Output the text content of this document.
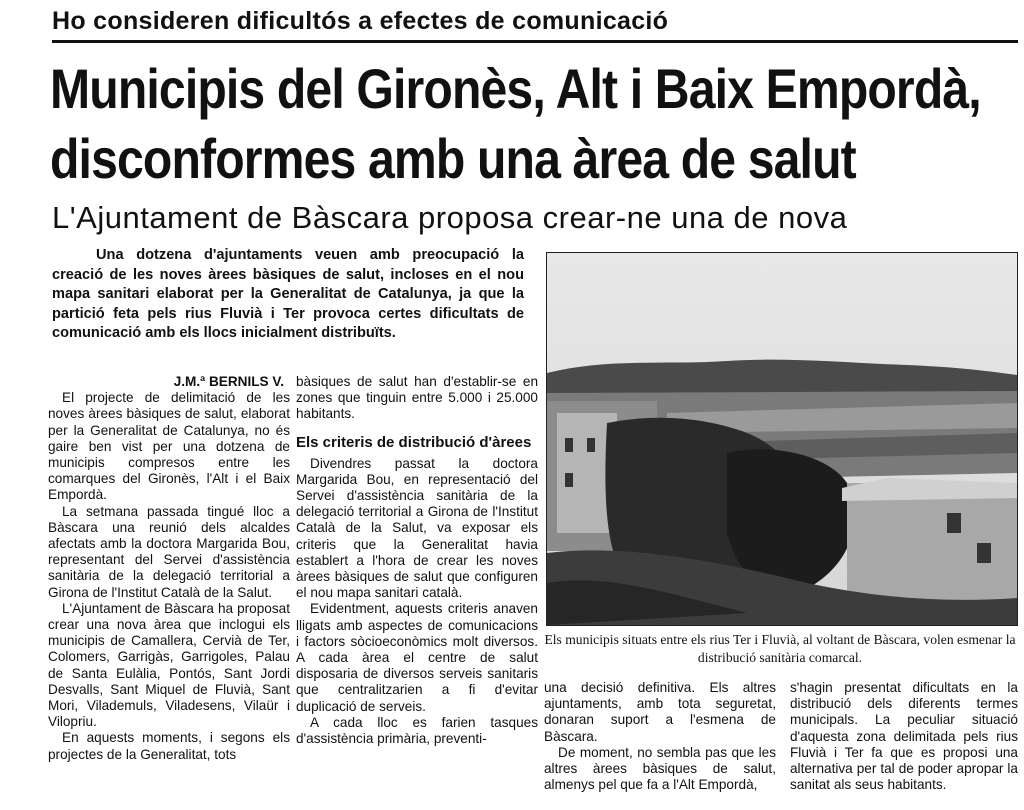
Ho consideren dificultós a efectes de comunicació
Municipis del Gironès, Alt i Baix Empordà,
disconformes amb una àrea de salut
L'Ajuntament de Bàscara proposa crear-ne una de nova
Una dotzena d'ajuntaments veuen amb preocupació la creació de les noves àrees bàsiques de salut, incloses en el nou mapa sanitari elaborat per la Generalitat de Catalunya, ja que la partició feta pels rius Fluvià i Ter provoca certes dificultats de comunicació amb els llocs inicialment distribuïts.

J.M.ª BERNILS V.

El projecte de delimitació de les noves àrees bàsiques de salut, elaborat per la Generalitat de Catalunya, no és gaire ben vist per una dotzena de municipis compresos entre les comarques del Gironès, l'Alt i el Baix Empordà.

La setmana passada tingué lloc a Bàscara una reunió dels alcaldes afectats amb la doctora Margarida Bou, representant del Servei d'assistència sanitària de la delegació territorial a Girona de l'Institut Català de la Salut.

L'Ajuntament de Bàscara ha proposat crear una nova àrea que inclogui els municipis de Camallera, Cervià de Ter, Colomers, Garrigàs, Garrigoles, Palau de Santa Eulàlia, Pontós, Sant Jordi Desvalls, Sant Miquel de Fluvià, Sant Mori, Vilademuls, Viladesens, Vilaür i Vilopriu.

En aquests moments, i segons els projectes de la Generalitat, tots

bàsiques de salut han d'establir-se en zones que tinguin entre 5.000 i 25.000 habitants.

Els criteris de distribució d'àrees

Divendres passat la doctora Margarida Bou, en representació del Servei d'assistència sanitària de la delegació territorial a Girona de l'Institut Català de la Salut, va exposar els criteris que la Generalitat havia establert a l'hora de crear les noves àrees bàsiques de salut que configuren el nou mapa sanitari català.

Evidentment, aquests criteris anaven lligats amb aspectes de comunicacions i factors sòcioeconòmics molt diversos. A cada àrea el centre de salut disposaria de diversos serveis sanitaris que centralitzarien a fi d'evitar duplicació de serveis.

A cada lloc es farien tasques d'assistència primària, preventi-

Els municipis situats entre els rius Ter i Fluvià, al voltant de Bàscara, volen esmenar la distribució sanitària comarcal.

una decisió definitiva. Els altres ajuntaments, amb tota seguretat, donaran suport a l'esmena de Bàscara.

De moment, no sembla pas que les altres àrees bàsiques de salut, almenys pel que fa a l'Alt Empordà,

s'hagin presentat dificultats en la distribució dels diferents termes municipals. La peculiar situació d'aquesta zona delimitada pels rius Fluvià i Ter fa que es proposi una alternativa per tal de poder apropar la sanitat als seus habitants.
